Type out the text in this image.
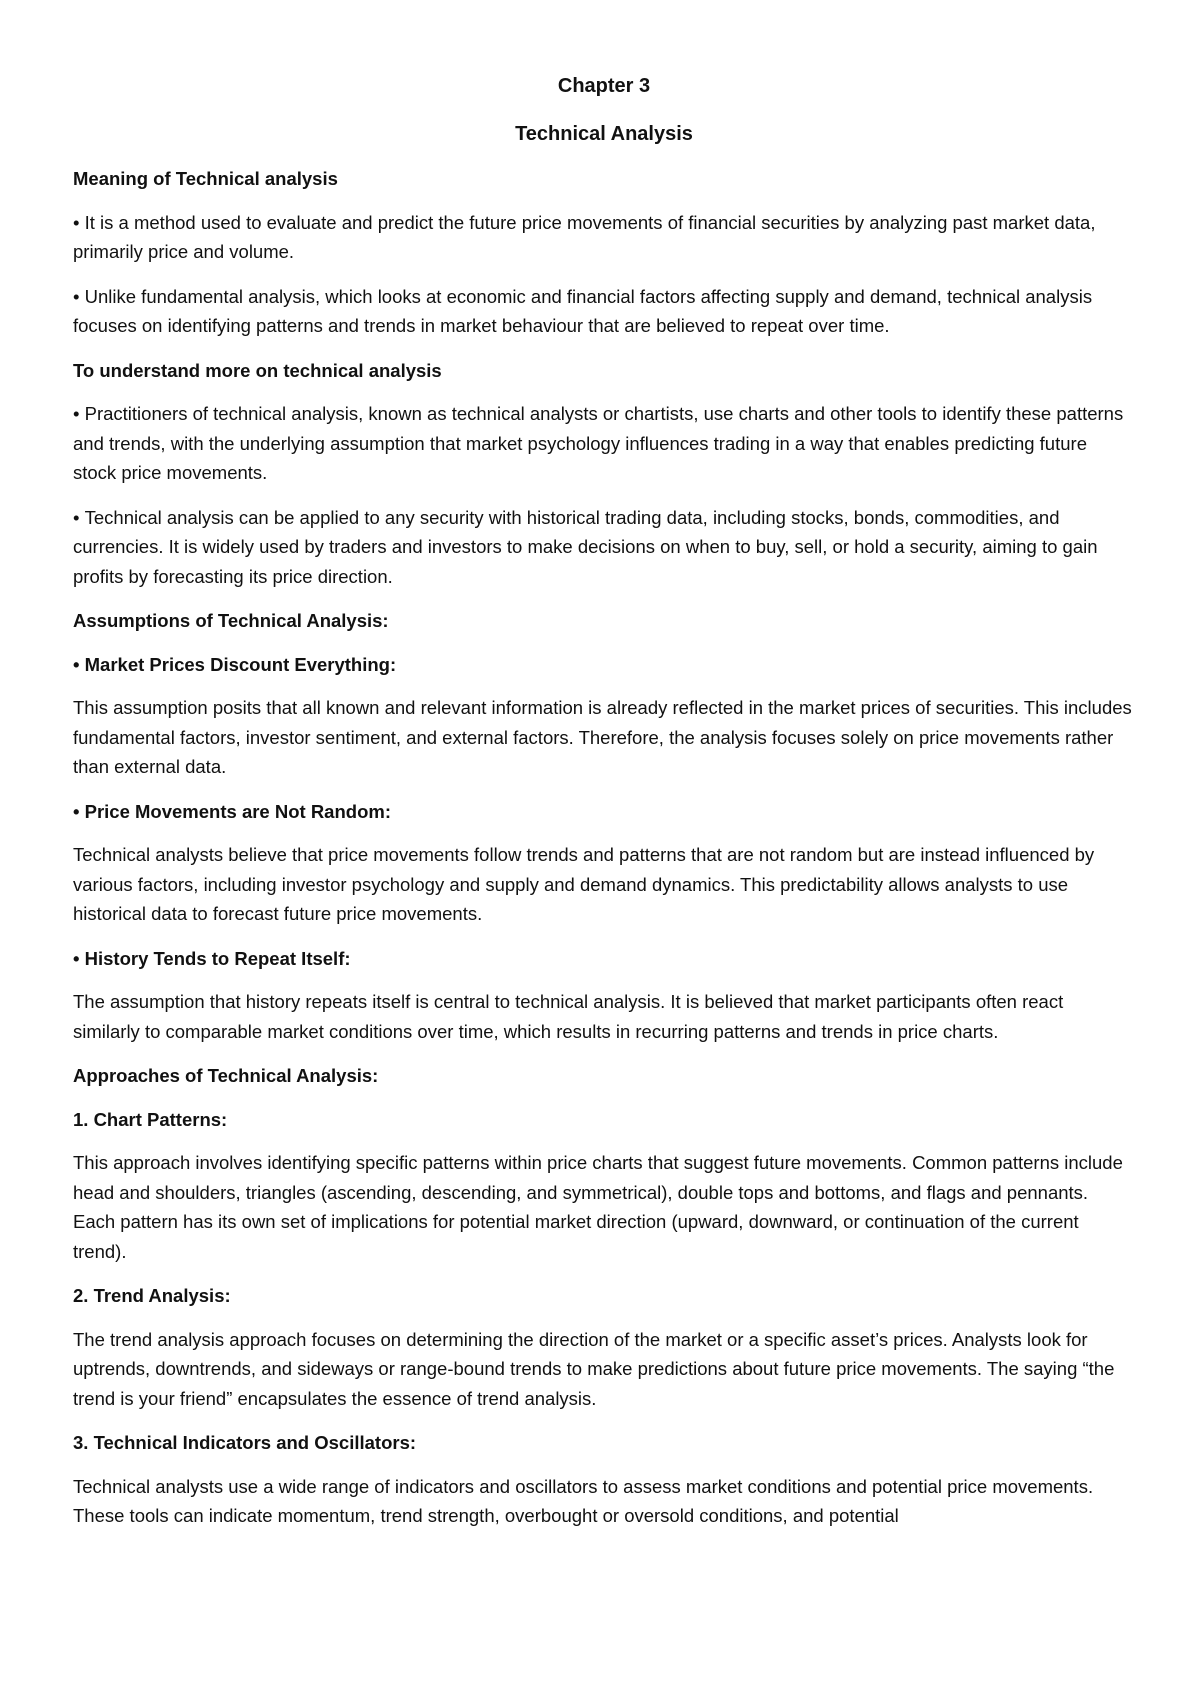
Chapter 3
Technical Analysis
Meaning of Technical analysis
• It is a method used to evaluate and predict the future price movements of financial securities by analyzing past market data, primarily price and volume.
• Unlike fundamental analysis, which looks at economic and financial factors affecting supply and demand, technical analysis focuses on identifying patterns and trends in market behaviour that are believed to repeat over time.
To understand more on technical analysis
• Practitioners of technical analysis, known as technical analysts or chartists, use charts and other tools to identify these patterns and trends, with the underlying assumption that market psychology influences trading in a way that enables predicting future stock price movements.
• Technical analysis can be applied to any security with historical trading data, including stocks, bonds, commodities, and currencies. It is widely used by traders and investors to make decisions on when to buy, sell, or hold a security, aiming to gain profits by forecasting its price direction.
Assumptions of Technical Analysis:
• Market Prices Discount Everything:
This assumption posits that all known and relevant information is already reflected in the market prices of securities. This includes fundamental factors, investor sentiment, and external factors. Therefore, the analysis focuses solely on price movements rather than external data.
• Price Movements are Not Random:
Technical analysts believe that price movements follow trends and patterns that are not random but are instead influenced by various factors, including investor psychology and supply and demand dynamics. This predictability allows analysts to use historical data to forecast future price movements.
• History Tends to Repeat Itself:
The assumption that history repeats itself is central to technical analysis. It is believed that market participants often react similarly to comparable market conditions over time, which results in recurring patterns and trends in price charts.
Approaches of Technical Analysis:
1. Chart Patterns:
This approach involves identifying specific patterns within price charts that suggest future movements. Common patterns include head and shoulders, triangles (ascending, descending, and symmetrical), double tops and bottoms, and flags and pennants. Each pattern has its own set of implications for potential market direction (upward, downward, or continuation of the current trend).
2. Trend Analysis:
The trend analysis approach focuses on determining the direction of the market or a specific asset’s prices. Analysts look for uptrends, downtrends, and sideways or range-bound trends to make predictions about future price movements. The saying “the trend is your friend” encapsulates the essence of trend analysis.
3. Technical Indicators and Oscillators:
Technical analysts use a wide range of indicators and oscillators to assess market conditions and potential price movements. These tools can indicate momentum, trend strength, overbought or oversold conditions, and potential
